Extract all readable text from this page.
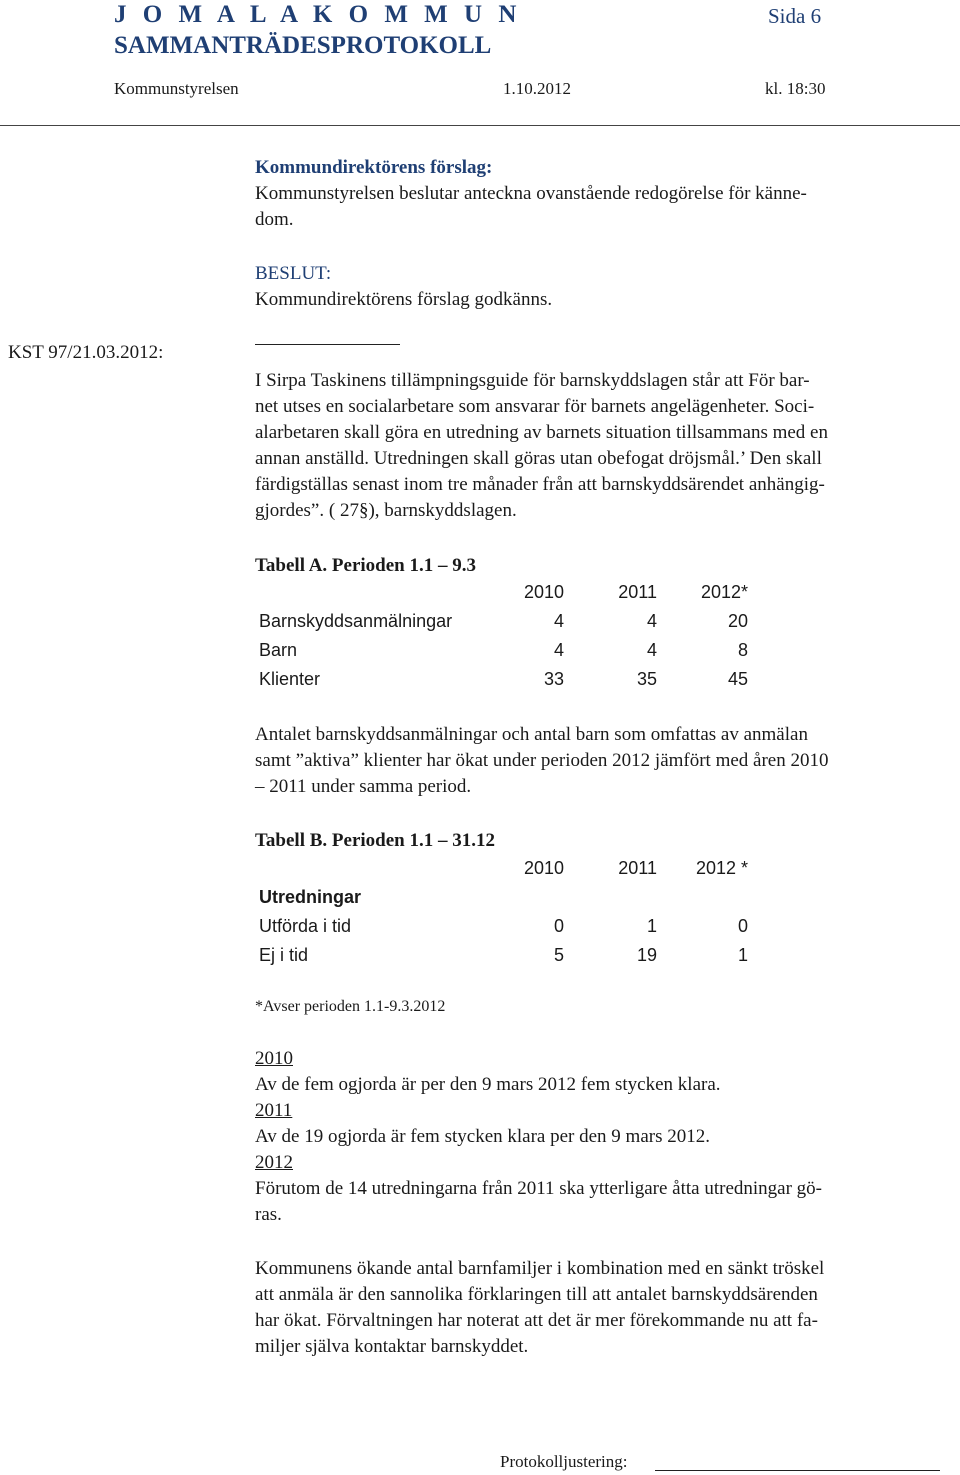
J O M A L A K O M M U N
SAMMANTRÄDESPROTOKOLL
Sida 6
Kommunstyrelsen	1.10.2012	kl. 18:30
Kommundirektörens förslag:
Kommunstyrelsen beslutar anteckna ovanstående redogörelse för känne-
dom.
BESLUT:
Kommundirektörens förslag godkänns.
KST 97/21.03.2012:
I Sirpa Taskinens tillämpningsguide för barnskyddslagen står att För bar-
net utses en socialarbetare som ansvarar för barnets angelägenheter. Soci-
alarbetaren skall göra en utredning av barnets situation tillsammans med en
annan anställd. Utredningen skall göras utan obefogat dröjsmål.’ Den skall
färdigställas senast inom tre månader från att barnskyddsärendet anhängig-
gjordes”. ( 27§), barnskyddslagen.
Tabell A. Perioden 1.1 – 9.3
2010	2011	2012*
Barnskyddsanmälningar	4	4	20
Barn	4	4	8
Klienter	33	35	45
Antalet barnskyddsanmälningar och antal barn som omfattas av anmälan
samt ”aktiva” klienter har ökat under perioden 2012 jämfört med åren 2010
– 2011 under samma period.
Tabell B. Perioden 1.1 – 31.12
2010	2011	2012 *
Utredningar
Utförda i tid	0	1	0
Ej i tid	5	19	1
*Avser perioden 1.1-9.3.2012
2010
Av de fem ogjorda är per den 9 mars 2012 fem stycken klara.
2011
Av de 19 ogjorda är fem stycken klara per den 9 mars 2012.
2012
Förutom de 14 utredningarna från 2011 ska ytterligare åtta utredningar gö-
ras.
Kommunens ökande antal barnfamiljer i kombination med en sänkt tröskel
att anmäla är den sannolika förklaringen till att antalet barnskyddsärenden
har ökat. Förvaltningen har noterat att det är mer förekommande nu att fa-
miljer själva kontaktar barnskyddet.
Protokolljustering:
